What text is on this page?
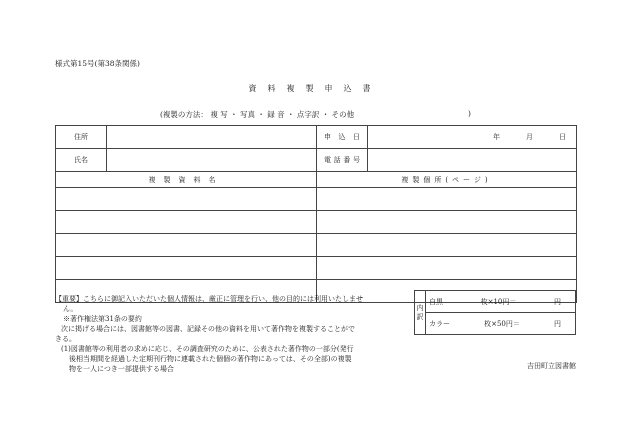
様式第15号(第38条関係)
資料複製申込書
(複製の方法： 複 写 ・ 写真 ・ 録 音 ・ 点字訳 ・ その他	)
住所		申込日	年 月 日
氏名		電話番号	
複製資料名		複製個所(ページ)	

【重要】こちらに御記入いただいた個人情報は、厳正に管理を行い、他の目的には利用いたしませ

ん。

※著作権法第31条の要約

次に掲げる場合には、図書館等の図書、記録その他の資料を用いて著作物を複製することがで

きる。

(1)図書館等の利用者の求めに応じ、その調査研究のために、公表された著作物の一部分(発行

後相当期間を経過した定期刊行物に連載された個個の著作物にあっては、その全部)の複製

物を一人につき一部提供する場合

内
訳

白黒	枚×10円＝	円

カラー	枚×50円＝	円
吉田町立図書館
